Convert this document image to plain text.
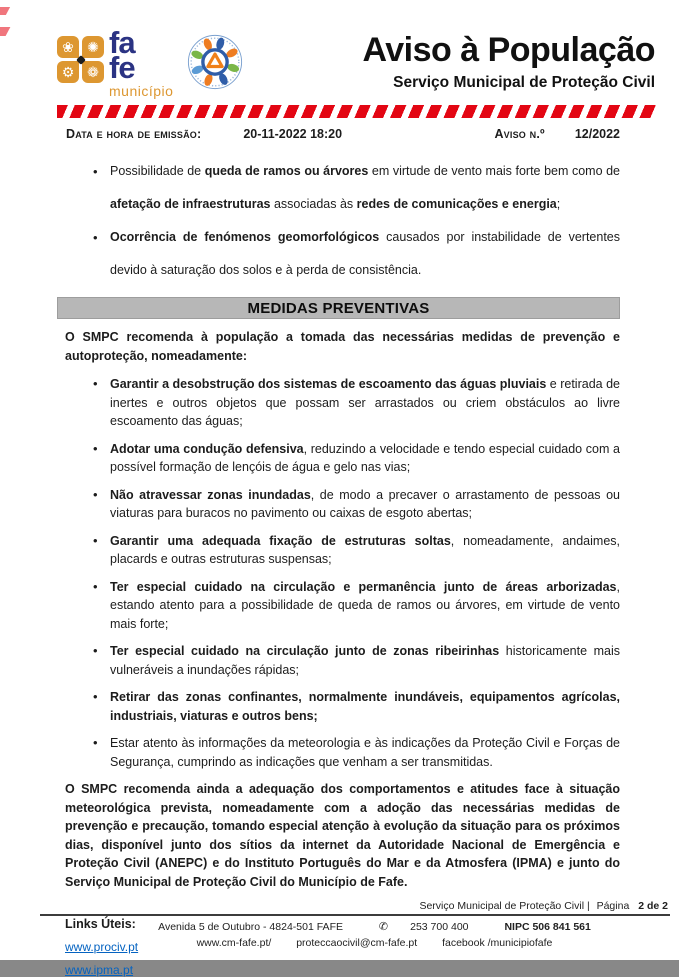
❀ ✺
⚙ ❁
fa
fe
município
Aviso à População
Serviço Municipal de Proteção Civil
Data e hora de emissão:	20-11-2022 18:20	Aviso n.º 12/2022
• Possibilidade de queda de ramos ou árvores em virtude de vento mais forte bem como de afetação de infraestruturas associadas às redes de comunicações e energia;
• Ocorrência de fenómenos geomorfológicos causados por instabilidade de vertentes devido à saturação dos solos e à perda de consistência.
MEDIDAS PREVENTIVAS

O SMPC recomenda à população a tomada das necessárias medidas de prevenção e autoproteção, nomeadamente:

• Garantir a desobstrução dos sistemas de escoamento das águas pluviais e retirada de inertes e outros objetos que possam ser arrastados ou criem obstáculos ao livre escoamento das águas;
• Adotar uma condução defensiva, reduzindo a velocidade e tendo especial cuidado com a possível formação de lençóis de água e gelo nas vias;
• Não atravessar zonas inundadas, de modo a precaver o arrastamento de pessoas ou viaturas para buracos no pavimento ou caixas de esgoto abertas;
• Garantir uma adequada fixação de estruturas soltas, nomeadamente, andaimes, placards e outras estruturas suspensas;
• Ter especial cuidado na circulação e permanência junto de áreas arborizadas, estando atento para a possibilidade de queda de ramos ou árvores, em virtude de vento mais forte;
• Ter especial cuidado na circulação junto de zonas ribeirinhas historicamente mais vulneráveis a inundações rápidas;
• Retirar das zonas confinantes, normalmente inundáveis, equipamentos agrícolas, industriais, viaturas e outros bens;
• Estar atento às informações da meteorologia e às indicações da Proteção Civil e Forças de Segurança, cumprindo as indicações que venham a ser transmitidas.

O SMPC recomenda ainda a adequação dos comportamentos e atitudes face à situação meteorológica prevista, nomeadamente com a adoção das necessárias medidas de prevenção e precaução, tomando especial atenção à evolução da situação para os próximos dias, disponível junto dos sítios da internet da Autoridade Nacional de Emergência e Proteção Civil (ANEPC) e do Instituto Português do Mar e da Atmosfera (IPMA) e junto do Serviço Municipal de Proteção Civil do Município de Fafe.

Links Úteis:
www.prociv.pt
www.ipma.pt
Serviço Municipal de Proteção Civil | Página 2 de 2
Avenida 5 de Outubro - 4824-501 FAFE	✆ 253 700 400	NIPC 506 841 561
www.cm-fafe.pt/ proteccaocivil@cm-fafe.pt facebook /municipiofafe
